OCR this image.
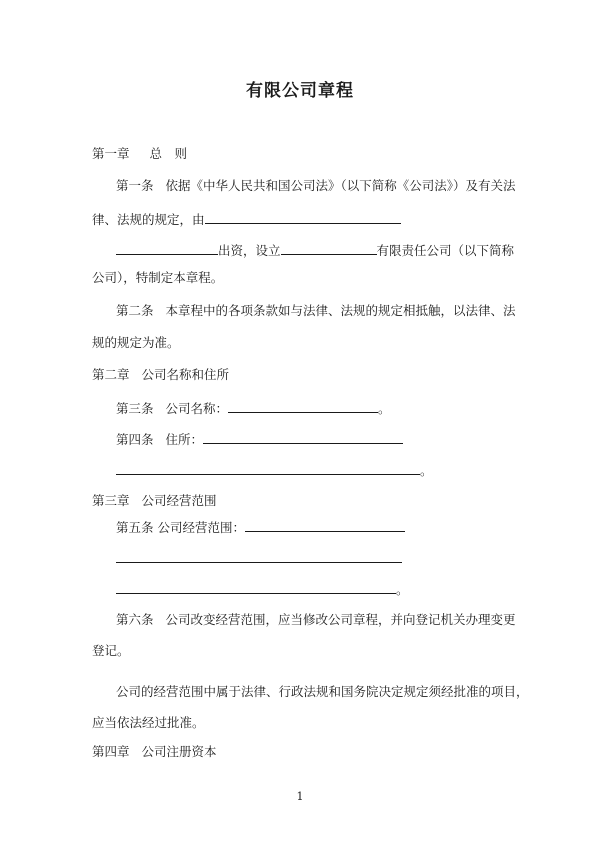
有限公司章程
第一章 总　则
第一条 依据《中华人民共和国公司法》（以下简称《公司法》）及有关法
律、法规的规定，由
出资，设立	有限责任公司（以下简称
公司），特制定本章程。
第二条 本章程中的各项条款如与法律、法规的规定相抵触，以法律、法
规的规定为准。
第二章 公司名称和住所
第三条 公司名称：	。
第四条 住所：
。
第三章 公司经营范围
第五条 公司经营范围：
。
第六条 公司改变经营范围，应当修改公司章程，并向登记机关办理变更
登记。
公司的经营范围中属于法律、行政法规和国务院决定规定须经批准的项目，
应当依法经过批准。
第四章 公司注册资本
1
